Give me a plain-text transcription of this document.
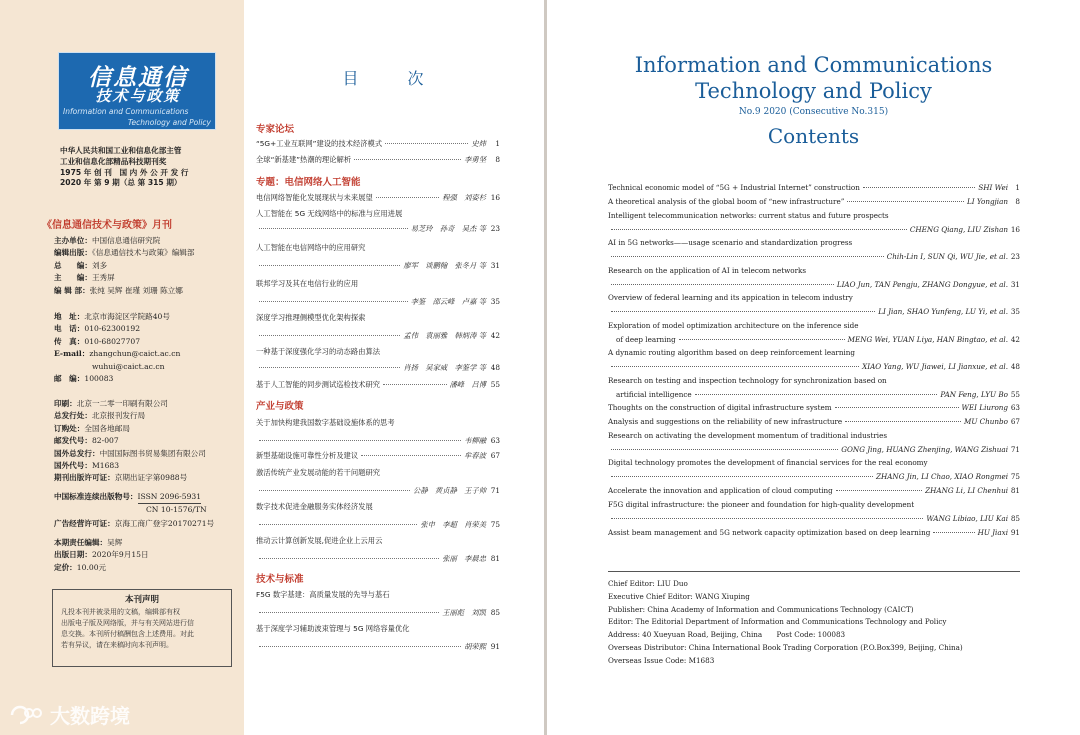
信息通信
技术与政策
Information and Communications
Technology and Policy
中华人民共和国工业和信息化部主管
工业和信息化部精品科技期刊奖
1975 年 创 刊　国 内 外 公 开 发 行
2020 年 第 9 期（总 第 315 期）
《信息通信技术与政策》月刊
主办单位：中国信息通信研究院
编辑出版：《信息通信技术与政策》编辑部
总　　编：刘多
主　　编：王秀屏
编 辑 部：张纯 吴辉 崔瑾 刘珊 陈立娜
地　址：北京市海淀区学院路40号
电　话：010-62300192
传　真：010-68027707
E-mail：zhangchun@caict.ac.cn
wuhui@caict.ac.cn
邮　编：100083
印刷：北京一二零一印刷有限公司
总发行处：北京报刊发行局
订购处：全国各地邮局
邮发代号：82-007
国外总发行：中国国际图书贸易集团有限公司
国外代号：M1683
期刊出版许可证：京期出证字第0988号
中国标准连续出版物号：ISSN 2096-5931
CN 10-1576/TN
广告经营许可证：京海工商广登字20170271号
本期责任编辑：吴辉
出版日期：2020年9月15日
定价：10.00元
本刊声明
凡投本刊并被录用的文稿，编辑部有权
出版电子版及网络版，并与有关网站进行信
息交换。本刊所付稿酬包含上述费用。对此
若有异议，请在来稿时向本刊声明。
大数跨境
目 次
专家论坛
“5G+工业互联网”建设的技术经济模式	史炜	1
全球“新基建”热潮的理论解析	李勇坚	8
专题：电信网络人工智能
电信网络智能化发展现状与未来展望	程强　刘姿杉 16
人工智能在 5G 无线网络中的标准与应用进展
易芝玲　孙奇　吴杰 等 23
人工智能在电信网络中的应用研究
廖军　谈鹏翰　张冬月 等 31
联邦学习及其在电信行业的应用
李鉴　邵云峰　卢嘉 等 35
深度学习推理侧模型优化架构探索
孟伟　袁丽雅　韩炳涛 等 42
一种基于深度强化学习的动态路由算法
肖扬　吴家威　李鉴学 等 48
基于人工智能的同步测试巡检技术研究	潘峰　吕博 55
产业与政策
关于加快构建我国数字基础设施体系的思考
韦柳融 63
新型基础设施可靠性分析及建议	牟春波 67
激活传统产业发展动能的若干问题研究
公静　黄贞静　王子帅 71
数字技术促进金融服务实体经济发展
张申　李超　肖荣美 75
推动云计算创新发展,促进企业上云用云
张丽　李晨忠 81
技术与标准
F5G 数字基建：高质量发展的先导与基石
王丽彪　刘凯 85
基于深度学习辅助波束管理与 5G 网络容量优化
胡荣熙 91
Information and Communications
Technology and Policy
No.9 2020 (Consecutive No.315)
Contents
Technical economic model of “5G + Industrial Internet” construction	SHI Wei	1
A theoretical analysis of the global boom of “new infrastructure”	LI Yongjian	8
Intelligent telecommunication networks: current status and future prospects
CHENG Qiang, LIU Zishan 16
AI in 5G networks——usage scenario and standardization progress
Chih-Lin I, SUN Qi, WU Jie, et al. 23
Research on the application of AI in telecom networks
LIAO Jun, TAN Pengju, ZHANG Dongyue, et al. 31
Overview of federal learning and its appication in telecom industry
LI Jian, SHAO Yunfeng, LU Yi, et al. 35
Exploration of model optimization architecture on the inference side
of deep learning	MENG Wei, YUAN Liya, HAN Bingtao, et al. 42
A dynamic routing algorithm based on deep reinforcement learning
XIAO Yang, WU Jiawei, LI Jianxue, et al. 48
Research on testing and inspection technology for synchronization based on
artificial intelligence	PAN Feng, LYU Bo 55
Thoughts on the construction of digital infrastructure system	WEI Liurong 63
Analysis and suggestions on the reliability of new infrastructure	MU Chunbo 67
Research on activating the development momentum of traditional industries
GONG Jing, HUANG Zhenjing, WANG Zishuai 71
Digital technology promotes the development of financial services for the real economy
ZHANG Jin, LI Chao, XIAO Rongmei 75
Accelerate the innovation and application of cloud computing	ZHANG Li, LI Chenhui 81
F5G digital infrastructure: the pioneer and foundation for high-quality development
WANG Libiao, LIU Kai 85
Assist beam management and 5G network capacity optimization based on deep learning	HU Jiaxi 91
Chief Editor: LIU Duo
Executive Chief Editor: WANG Xiuping
Publisher: China Academy of Information and Communications Technology (CAICT)
Editor: The Editorial Department of Information and Communications Technology and Policy
Address: 40 Xueyuan Road, Beijing, China　　Post Code: 100083
Overseas Distributor: China International Book Trading Corporation (P.O.Box399, Beijing, China)
Overseas Issue Code: M1683
